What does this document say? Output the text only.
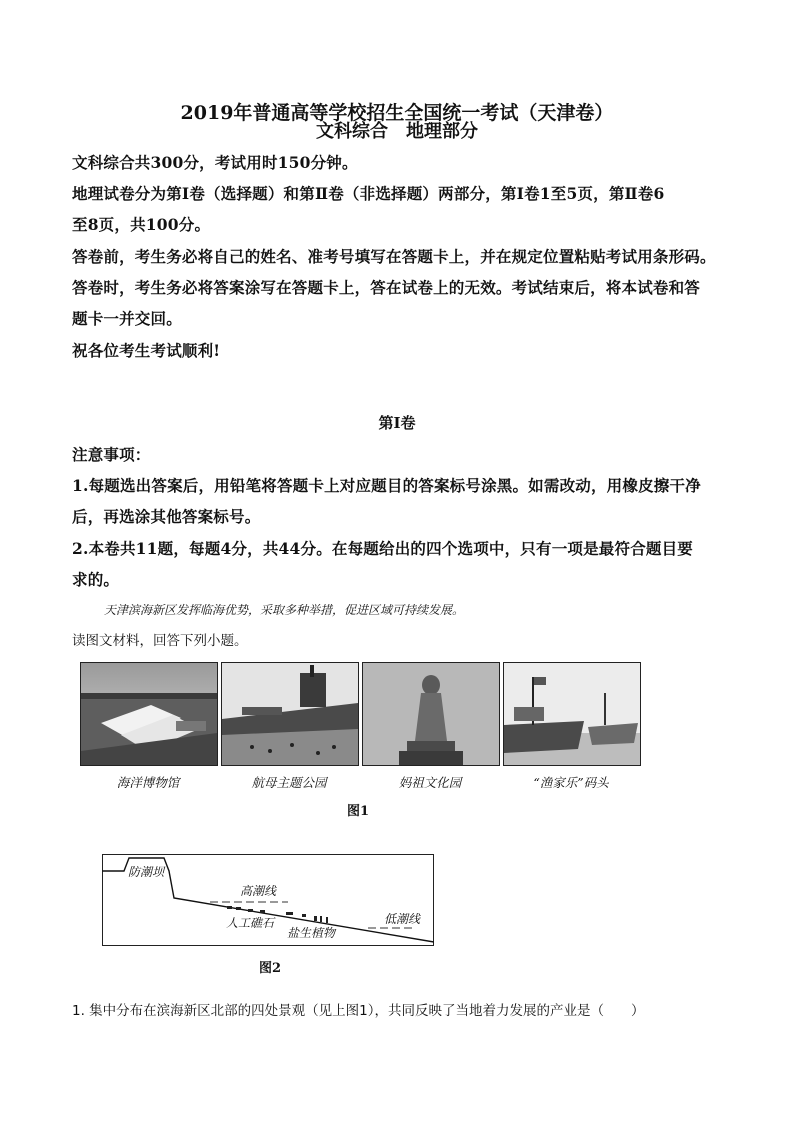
2019年普通高等学校招生全国统一考试（天津卷）
文科综合　地理部分
文科综合共300分，考试用时150分钟。
地理试卷分为第Ⅰ卷（选择题）和第Ⅱ卷（非选择题）两部分，第Ⅰ卷1至5页，第Ⅱ卷6
至8页，共100分。
答卷前，考生务必将自己的姓名、准考号填写在答题卡上，并在规定位置粘贴考试用条形码。
答卷时，考生务必将答案涂写在答题卡上，答在试卷上的无效。考试结束后，将本试卷和答
题卡一并交回。
祝各位考生考试顺利!
第Ⅰ卷
注意事项：
1.每题选出答案后，用铅笔将答题卡上对应题目的答案标号涂黑。如需改动，用橡皮擦干净
后，再选涂其他答案标号。
2.本卷共11题，每题4分，共44分。在每题给出的四个选项中，只有一项是最符合题目要
求的。
天津滨海新区发挥临海优势，采取多种举措，促进区域可持续发展。
读图文材料，回答下列小题。
海洋博物馆	航母主题公园	妈祖文化园	“渔家乐”码头
图1
防潮坝
高潮线
人工礁石
盐生植物
低潮线
图2
1. 集中分布在滨海新区北部的四处景观（见上图1），共同反映了当地着力发展的产业是（　　）
